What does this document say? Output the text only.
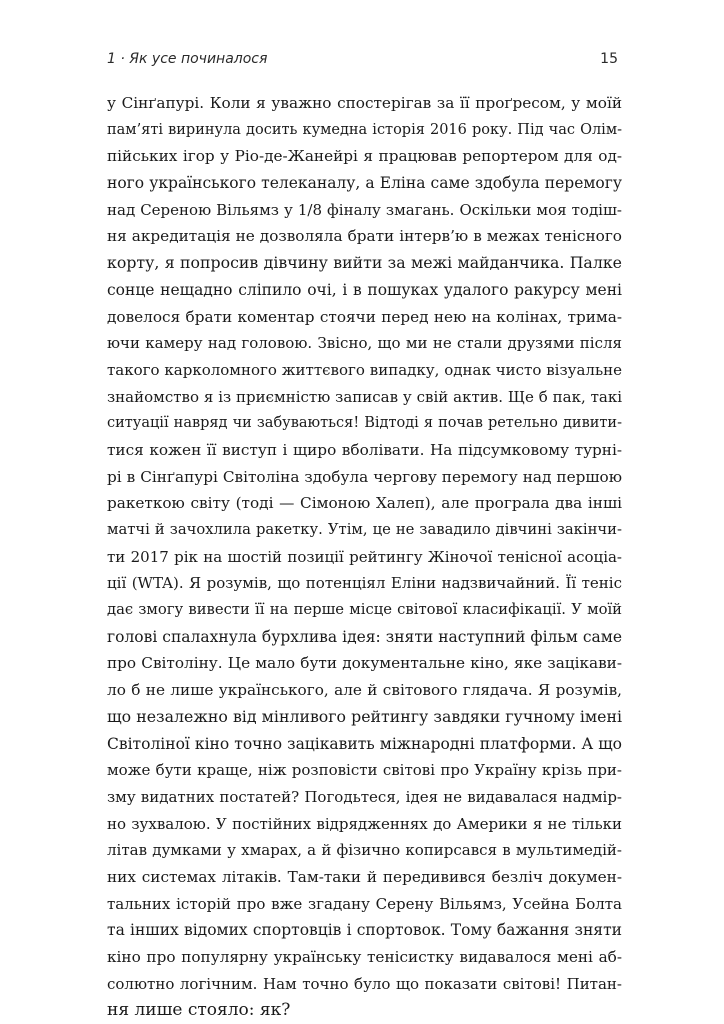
1 · Як усе починалося	15
у Сінґапурі. Коли я уважно спостерігав за її проґресом, у моїй
пам’яті виринула досить кумедна історія 2016 року. Під час Олім-
пійських ігор у Ріо-де-Жанейрі я працював репортером для од-
ного українського телеканалу, а Еліна саме здобула перемогу
над Сереною Вільямз у 1/8 фіналу змагань. Оскільки моя тодіш-
ня акредитація не дозволяла брати інтерв’ю в межах тенісного
корту, я попросив дівчину вийти за межі майданчика. Палке
сонце нещадно сліпило очі, і в пошуках удалого ракурсу мені
довелося брати коментар стоячи перед нею на колінах, трима-
ючи камеру над головою. Звісно, що ми не стали друзями після
такого карколомного життєвого випадку, однак чисто візуальне
знайомство я із приємністю записав у свій актив. Ще б пак, такі
ситуації навряд чи забуваються! Відтоді я почав ретельно дивити-
тися кожен її виступ і щиро вболівати. На підсумковому турні-
рі в Сінґапурі Світоліна здобула чергову перемогу над першою
ракеткою світу (тоді — Сімоною Халеп), але програла два інші
матчі й зачохлила ракетку. Утім, це не завадило дівчині закінчи-
ти 2017 рік на шостій позиції рейтингу Жіночої тенісної асоціа-
ції (WTA). Я розумів, що потенціял Еліни надзвичайний. Її теніс
дає змогу вивести її на перше місце світової класифікації. У моїй
голові спалахнула бурхлива ідея: зняти наступний фільм саме
про Світоліну. Це мало бути документальне кіно, яке зацікави-
ло б не лише українського, але й світового глядача. Я розумів,
що незалежно від мінливого рейтингу завдяки гучному імені
Світоліної кіно точно зацікавить міжнародні платформи. А що
може бути краще, ніж розповісти світові про Україну крізь при-
зму видатних постатей? Погодьтеся, ідея не видавалася надмір-
но зухвалою. У постійних відрядженнях до Америки я не тільки
літав думками у хмарах, а й фізично копирсався в мультимедій-
них системах літаків. Там-таки й передивився безліч докумен-
тальних історій про вже згадану Серену Вільямз, Усейна Болта
та інших відомих спортовців і спортовок. Тому бажання зняти
кіно про популярну українську тенісистку видавалося мені аб-
солютно логічним. Нам точно було що показати світові! Питан-
ня лише стояло: як?
